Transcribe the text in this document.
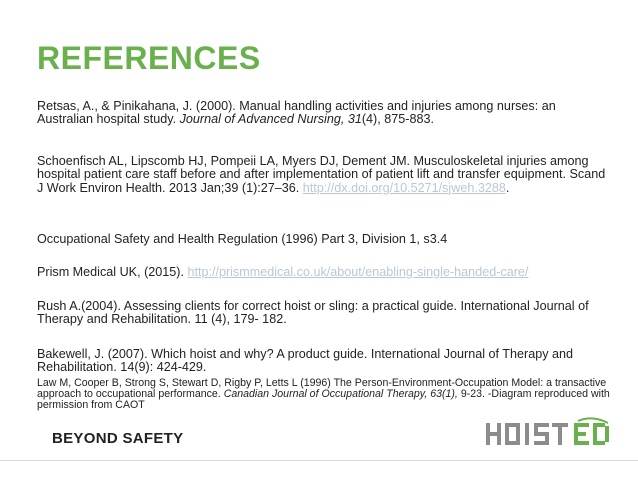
REFERENCES
Retsas, A., & Pinikahana, J. (2000). Manual handling activities and injuries among nurses: an Australian hospital study. Journal of Advanced Nursing, 31(4), 875-883.
Schoenfisch AL, Lipscomb HJ, Pompeii LA, Myers DJ, Dement JM. Musculoskeletal injuries among hospital patient care staff before and after implementation of patient lift and transfer equipment. Scand J Work Environ Health. 2013 Jan;39 (1):27–36. http://dx.doi.org/10.5271/sjweh.3288.
Occupational Safety and Health Regulation (1996) Part 3, Division 1, s3.4
Prism Medical UK, (2015). http://prismmedical.co.uk/about/enabling-single-handed-care/
Rush A.(2004). Assessing clients for correct hoist or sling: a practical guide. International Journal of Therapy and Rehabilitation. 11 (4), 179- 182.
Bakewell, J. (2007). Which hoist and why? A product guide. International Journal of Therapy and Rehabilitation. 14(9): 424-429.
Law M, Cooper B, Strong S, Stewart D, Rigby P, Letts L (1996) The Person-Environment-Occupation Model: a transactive approach to occupational performance. Canadian Journal of Occupational Therapy, 63(1), 9-23. -Diagram reproduced with permission from CAOT
BEYOND SAFETY
